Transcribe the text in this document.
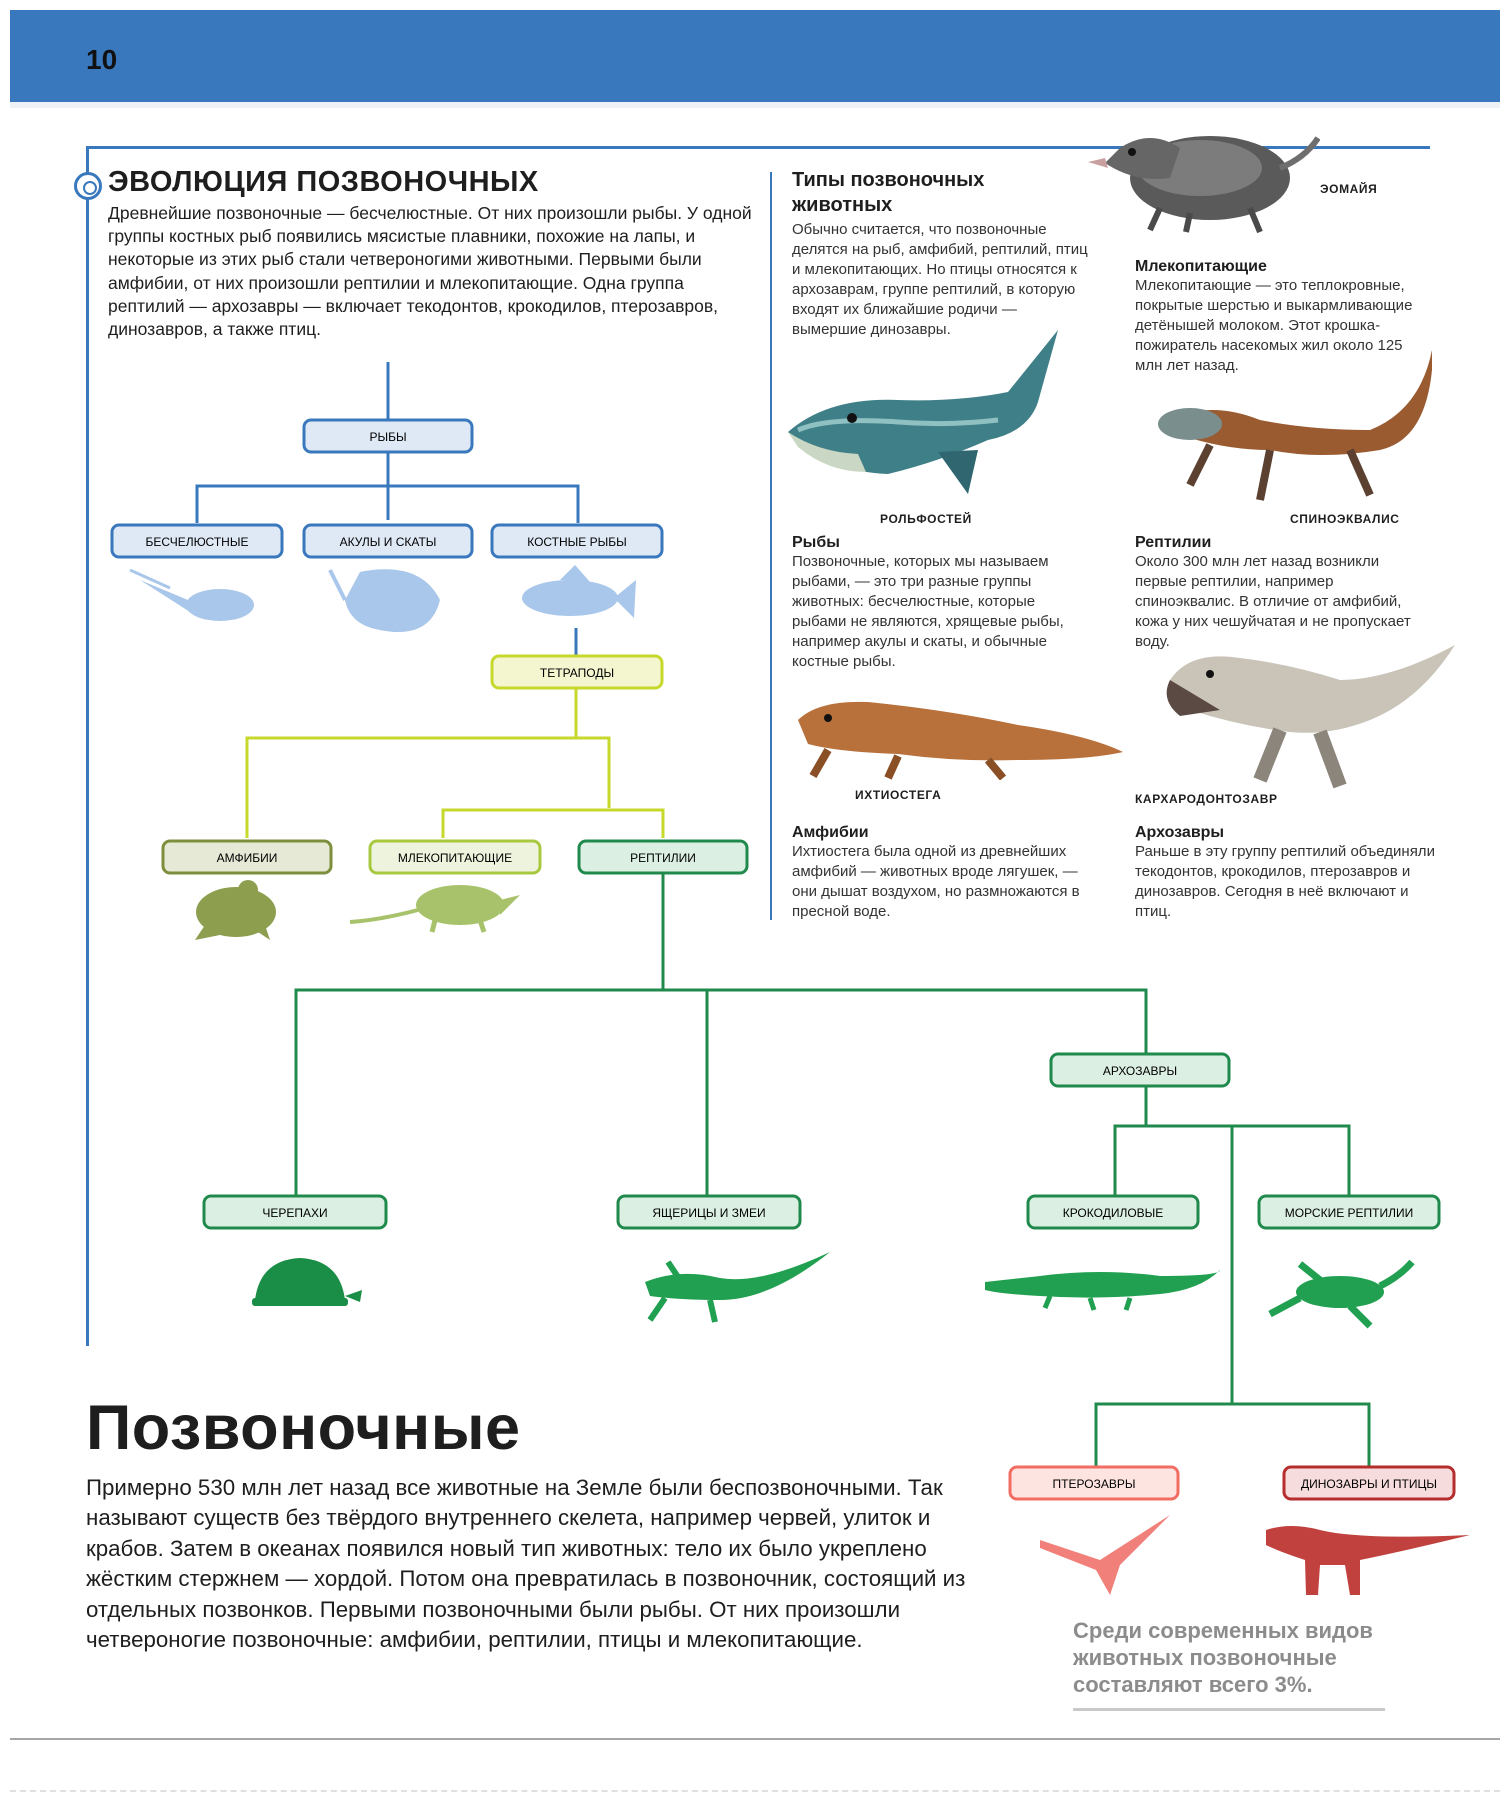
10
ЭВОЛЮЦИЯ ПОЗВОНОЧНЫХ
Древнейшие позвоночные — бесчелюстные. От них произошли рыбы. У одной группы костных рыб появились мясистые плавники, похожие на лапы, и некоторые из этих рыб стали четвероногими животными. Первыми были амфибии, от них произошли рептилии и млекопитающие. Одна группа рептилий — архозавры — включает текодонтов, крокодилов, птерозавров, динозавров, а также птиц.
Типы позвоночных животных
Обычно считается, что позвоночные делятся на рыб, амфибий, рептилий, птиц и млекопитающих. Но птицы относятся к архозаврам, группе рептилий, в которую входят их ближайшие родичи — вымершие динозавры.
ЭОМАЙЯ
Млекопитающие
Млекопитающие — это теплокровные, покрытые шерстью и выкармливающие детёнышей молоком. Этот крошка-пожиратель насекомых жил около 125 млн лет назад.
РОЛЬФОСТЕЙ
Рыбы
Позвоночные, которых мы называем рыбами, — это три разные группы животных: бесчелюстные, которые рыбами не являются, хрящевые рыбы, например акулы и скаты, и обычные костные рыбы.
СПИНОЭКВАЛИС
Рептилии
Около 300 млн лет назад возникли первые рептилии, например спиноэквалис. В отличие от амфибий, кожа у них чешуйчатая и не пропускает воду.
ИХТИОСТЕГА
Амфибии
Ихтиостега была одной из древнейших амфибий — животных вроде лягушек, — они дышат воздухом, но размножаются в пресной воде.
КАРХАРОДОНТОЗАВР
Архозавры
Раньше в эту группу рептилий объединяли текодонтов, крокодилов, птерозавров и динозавров. Сегодня в неё включают и птиц.
РЫБЫ
БЕСЧЕЛЮСТНЫЕ	АКУЛЫ И СКАТЫ	КОСТНЫЕ РЫБЫ
ТЕТРАПОДЫ
АМФИБИИ	МЛЕКОПИТАЮЩИЕ	РЕПТИЛИИ
АРХОЗАВРЫ
ЧЕРЕПАХИ	ЯЩЕРИЦЫ И ЗМЕИ	КРОКОДИЛОВЫЕ	МОРСКИЕ РЕПТИЛИИ
ПТЕРОЗАВРЫ	ДИНОЗАВРЫ И ПТИЦЫ
Позвоночные
Примерно 530 млн лет назад все животные на Земле были беспозвоночными. Так называют существ без твёрдого внутреннего скелета, например червей, улиток и крабов. Затем в океанах появился новый тип животных: тело их было укреплено жёстким стержнем — хордой. Потом она превратилась в позвоночник, состоящий из отдельных позвонков. Первыми позвоночными были рыбы. От них произошли четвероногие позвоночные: амфибии, рептилии, птицы и млекопитающие.	Среди современных видов животных позвоночные составляют всего 3%.
